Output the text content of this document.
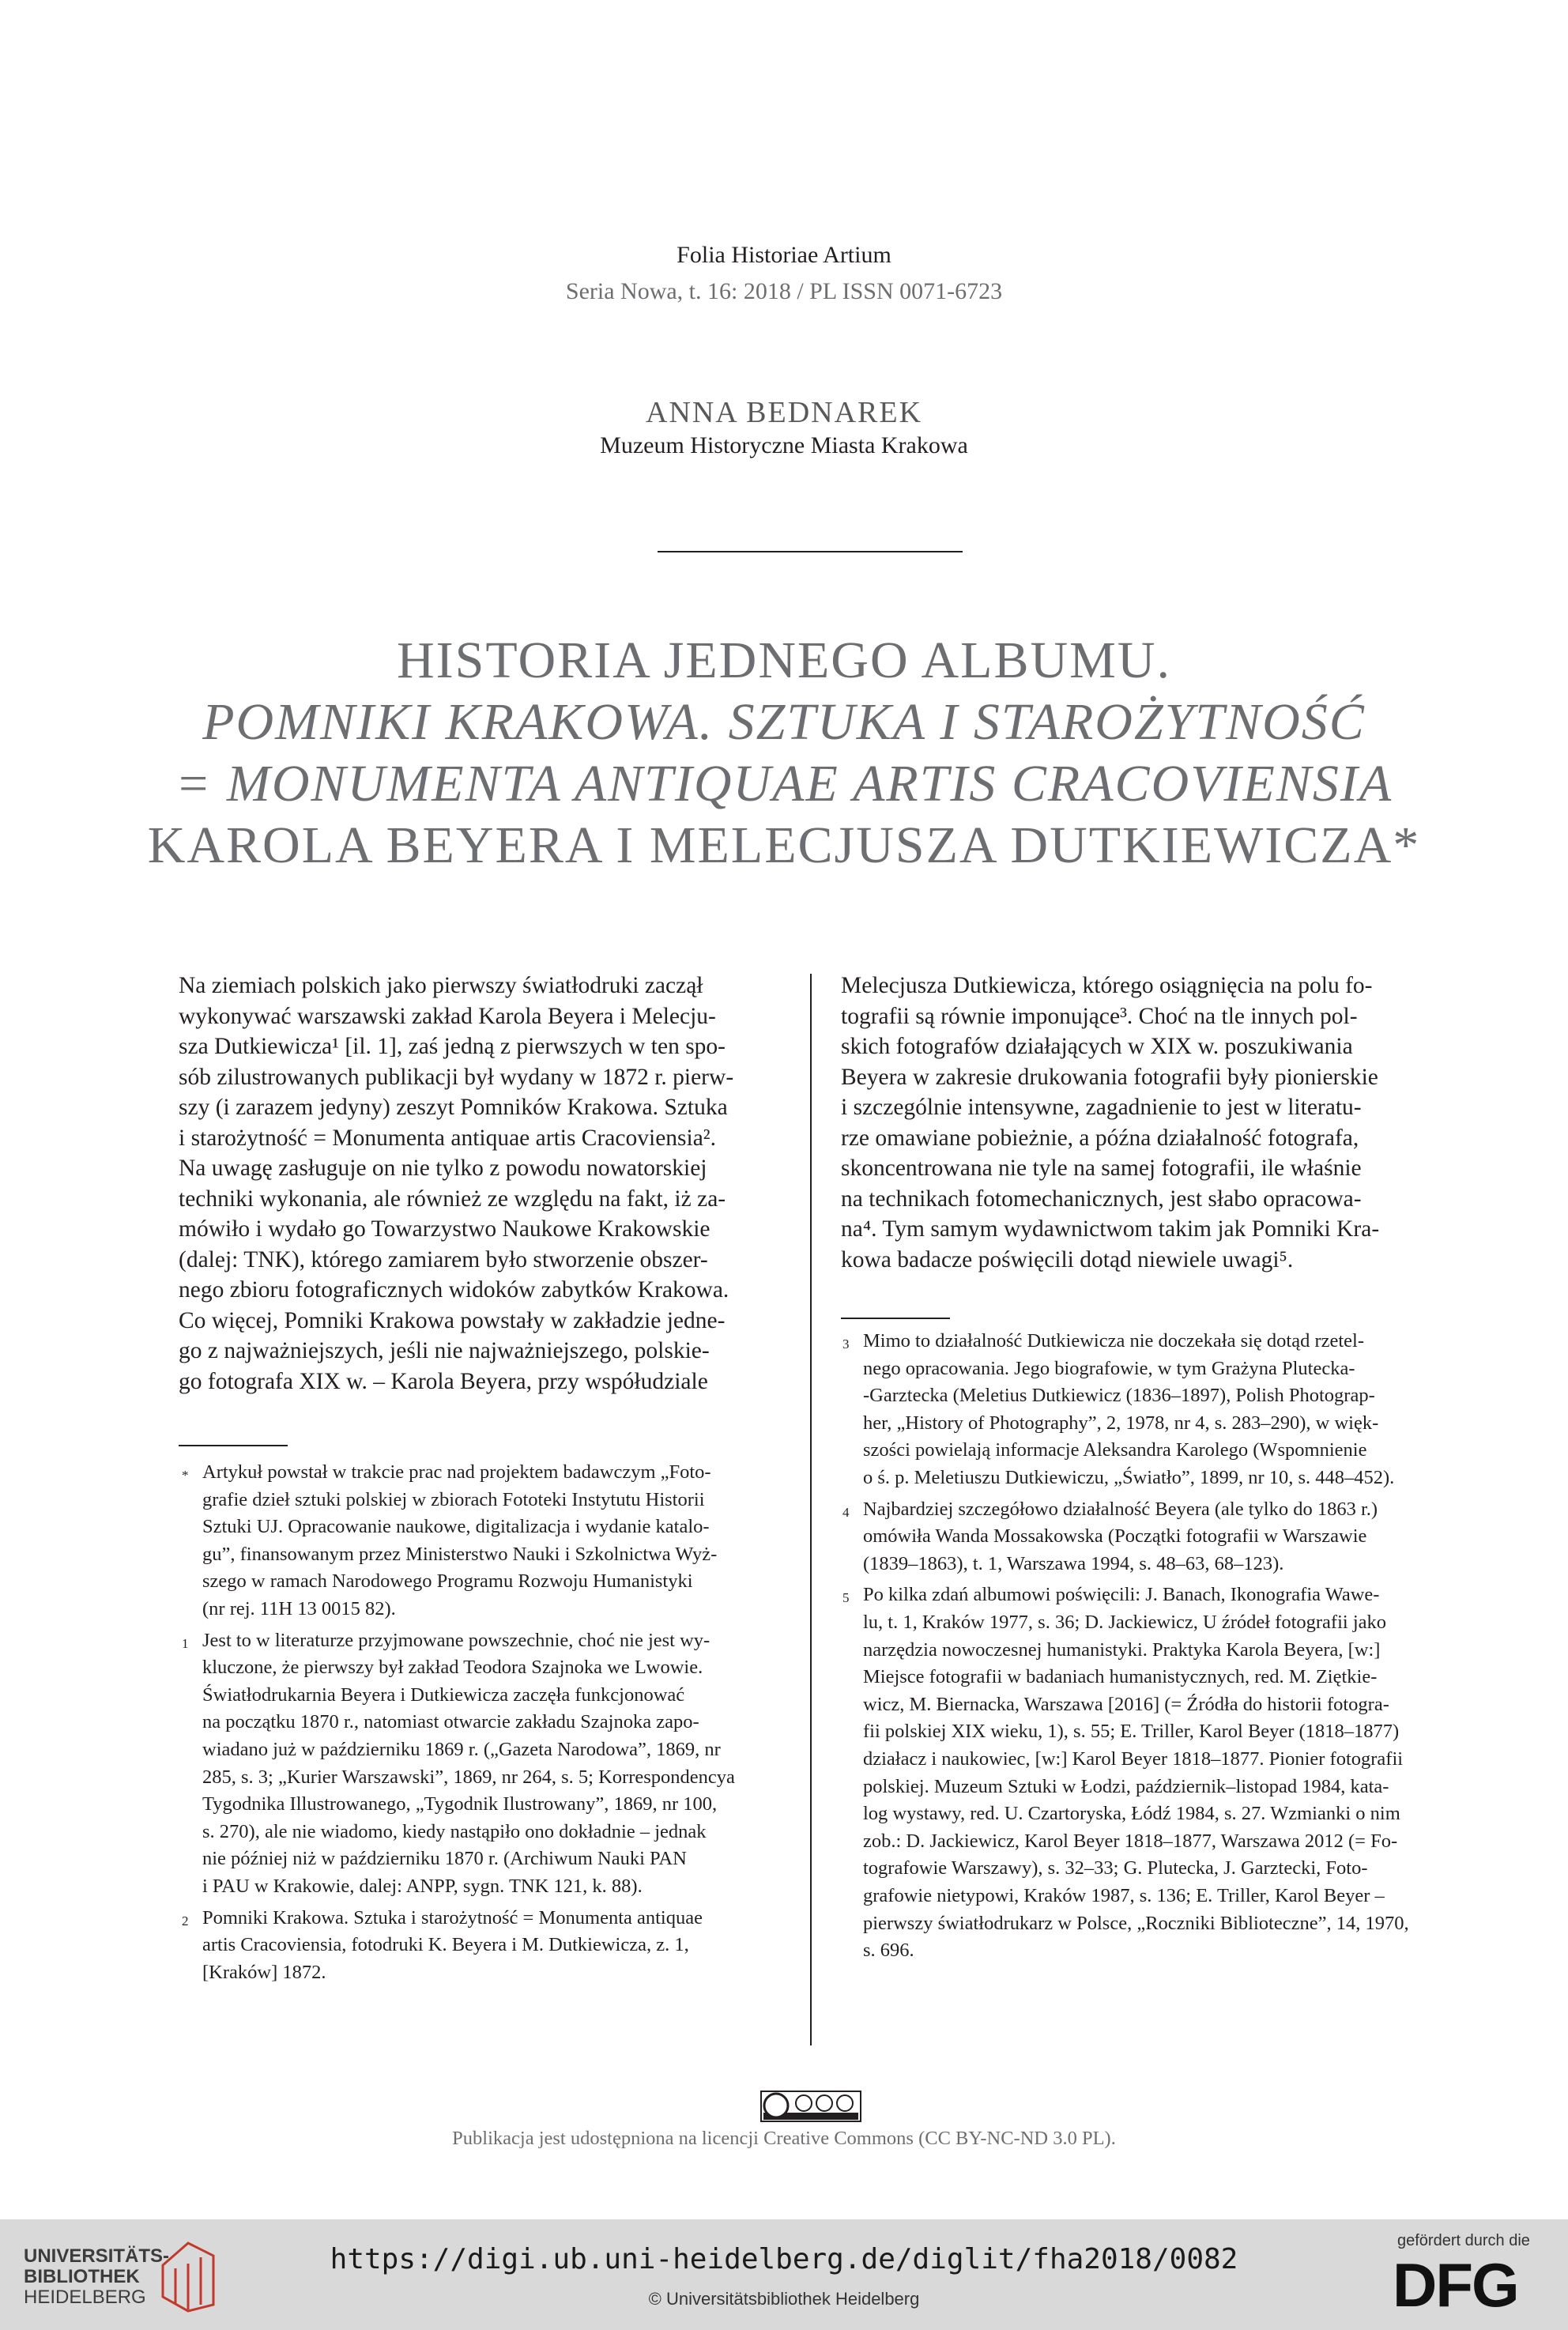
Folia Historiae Artium
Seria Nowa, t. 16: 2018 / PL ISSN 0071-6723
ANNA BEDNAREK
Muzeum Historyczne Miasta Krakowa
HISTORIA JEDNEGO ALBUMU.
POMNIKI KRAKOWA. SZTUKA I STAROŻYTNOŚĆ
= MONUMENTA ANTIQUAE ARTIS CRACOVIENSIA
KAROLA BEYERA I MELECJUSZA DUTKIEWICZA*
Na ziemiach polskich jako pierwszy światłodruki zaczął
wykonywać warszawski zakład Karola Beyera i Melecju-
sza Dutkiewicza¹ [il. 1], zaś jedną z pierwszych w ten spo-
sób zilustrowanych publikacji był wydany w 1872 r. pierw-
szy (i zarazem jedyny) zeszyt Pomników Krakowa. Sztuka
i starożytność = Monumenta antiquae artis Cracoviensia².
Na uwagę zasługuje on nie tylko z powodu nowatorskiej
techniki wykonania, ale również ze względu na fakt, iż za-
mówiło i wydało go Towarzystwo Naukowe Krakowskie
(dalej: TNK), którego zamiarem było stworzenie obszer-
nego zbioru fotograficznych widoków zabytków Krakowa.
Co więcej, Pomniki Krakowa powstały w zakładzie jedne-
go z najważniejszych, jeśli nie najważniejszego, polskie-
go fotografa XIX w. – Karola Beyera, przy współudziale
Melecjusza Dutkiewicza, którego osiągnięcia na polu fo-
tografii są równie imponujące³. Choć na tle innych pol-
skich fotografów działających w XIX w. poszukiwania
Beyera w zakresie drukowania fotografii były pionierskie
i szczególnie intensywne, zagadnienie to jest w literatu-
rze omawiane pobieżnie, a późna działalność fotografa,
skoncentrowana nie tyle na samej fotografii, ile właśnie
na technikach fotomechanicznych, jest słabo opracowa-
na⁴. Tym samym wydawnictwom takim jak Pomniki Kra-
kowa badacze poświęcili dotąd niewiele uwagi⁵.
* Artykuł powstał w trakcie prac nad projektem badawczym „Foto-
grafie dzieł sztuki polskiej w zbiorach Fototeki Instytutu Historii
Sztuki UJ. Opracowanie naukowe, digitalizacja i wydanie katalo-
gu”, finansowanym przez Ministerstwo Nauki i Szkolnictwa Wyż-
szego w ramach Narodowego Programu Rozwoju Humanistyki
(nr rej. 11H 13 0015 82).
1 Jest to w literaturze przyjmowane powszechnie, choć nie jest wy-
kluczone, że pierwszy był zakład Teodora Szajnoka we Lwowie.
Światłodrukarnia Beyera i Dutkiewicza zaczęła funkcjonować
na początku 1870 r., natomiast otwarcie zakładu Szajnoka zapo-
wiadano już w październiku 1869 r. („Gazeta Narodowa”, 1869, nr
285, s. 3; „Kurier Warszawski”, 1869, nr 264, s. 5; Korrespondencya
Tygodnika Illustrowanego, „Tygodnik Ilustrowany”, 1869, nr 100,
s. 270), ale nie wiadomo, kiedy nastąpiło ono dokładnie – jednak
nie później niż w październiku 1870 r. (Archiwum Nauki PAN
i PAU w Krakowie, dalej: ANPP, sygn. TNK 121, k. 88).
2 Pomniki Krakowa. Sztuka i starożytność = Monumenta antiquae
artis Cracoviensia, fotodruki K. Beyera i M. Dutkiewicza, z. 1,
[Kraków] 1872.
3 Mimo to działalność Dutkiewicza nie doczekała się dotąd rzetel-
nego opracowania. Jego biografowie, w tym Grażyna Plutecka-
-Garztecka (Meletius Dutkiewicz (1836–1897), Polish Photograp-
her, „History of Photography”, 2, 1978, nr 4, s. 283–290), w więk-
szości powielają informacje Aleksandra Karolego (Wspomnienie
o ś. p. Meletiuszu Dutkiewiczu, „Światło”, 1899, nr 10, s. 448–452).
4 Najbardziej szczegółowo działalność Beyera (ale tylko do 1863 r.)
omówiła Wanda Mossakowska (Początki fotografii w Warszawie
(1839–1863), t. 1, Warszawa 1994, s. 48–63, 68–123).
5 Po kilka zdań albumowi poświęcili: J. Banach, Ikonografia Wawe-
lu, t. 1, Kraków 1977, s. 36; D. Jackiewicz, U źródeł fotografii jako
narzędzia nowoczesnej humanistyki. Praktyka Karola Beyera, [w:]
Miejsce fotografii w badaniach humanistycznych, red. M. Ziętkie-
wicz, M. Biernacka, Warszawa [2016] (= Źródła do historii fotogra-
fii polskiej XIX wieku, 1), s. 55; E. Triller, Karol Beyer (1818–1877)
działacz i naukowiec, [w:] Karol Beyer 1818–1877. Pionier fotografii
polskiej. Muzeum Sztuki w Łodzi, październik–listopad 1984, kata-
log wystawy, red. U. Czartoryska, Łódź 1984, s. 27. Wzmianki o nim
zob.: D. Jackiewicz, Karol Beyer 1818–1877, Warszawa 2012 (= Fo-
tografowie Warszawy), s. 32–33; G. Plutecka, J. Garztecki, Foto-
grafowie nietypowi, Kraków 1987, s. 136; E. Triller, Karol Beyer –
pierwszy światłodrukarz w Polsce, „Roczniki Biblioteczne”, 14, 1970,
s. 696.
Publikacja jest udostępniona na licencji Creative Commons (CC BY-NC-ND 3.0 PL).
UNIVERSITÄTS-
BIBLIOTHEK
HEIDELBERG
https://digi.ub.uni-heidelberg.de/diglit/fha2018/0082
© Universitätsbibliothek Heidelberg
gefördert durch die
DFG
